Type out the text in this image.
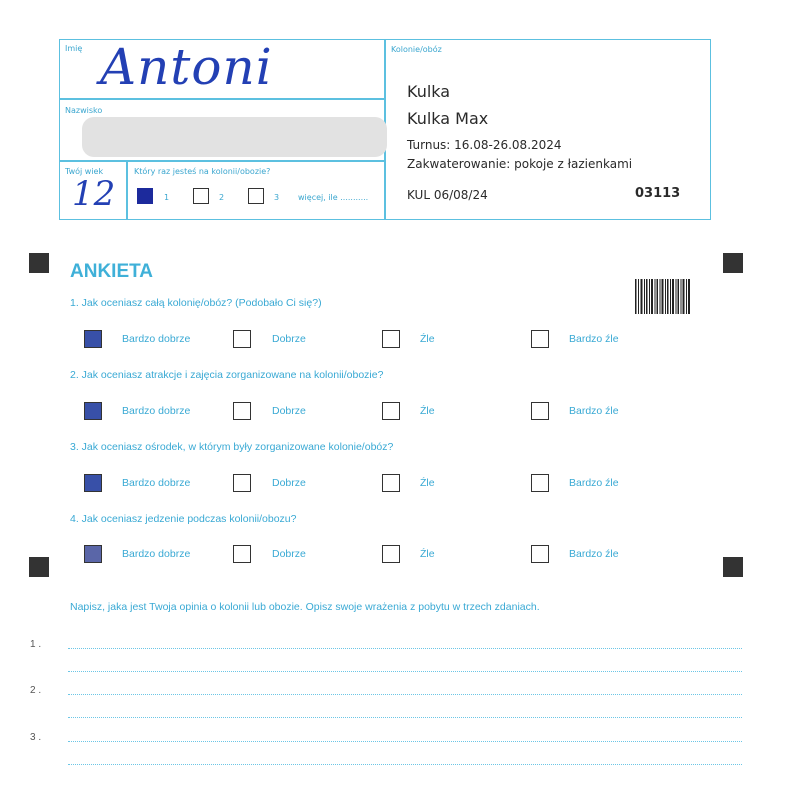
Imię Antoni
Nazwisko
Twój wiek
12
Który raz jesteś na kolonii/obozie?
1	2	3 więcej, ile ...........
Kolonie/obóz
Kulka
Kulka Max
Turnus: 16.08-26.08.2024
Zakwaterowanie: pokoje z łazienkami
KUL 06/08/24	03113
ANKIETA
1. Jak oceniasz całą kolonię/obóz? (Podobało Ci się?)
Bardzo dobrze	Dobrze	Źle	Bardzo źle
2. Jak oceniasz atrakcje i zajęcia zorganizowane na kolonii/obozie?
Bardzo dobrze	Dobrze	Źle	Bardzo źle
3. Jak oceniasz ośrodek, w którym były zorganizowane kolonie/obóz?
Bardzo dobrze	Dobrze	Źle	Bardzo źle
4. Jak oceniasz jedzenie podczas kolonii/obozu?
Bardzo dobrze	Dobrze	Źle	Bardzo źle
Napisz, jaka jest Twoja opinia o kolonii lub obozie. Opisz swoje wrażenia z pobytu w trzech zdaniach.
1 .
2 .
3 .
